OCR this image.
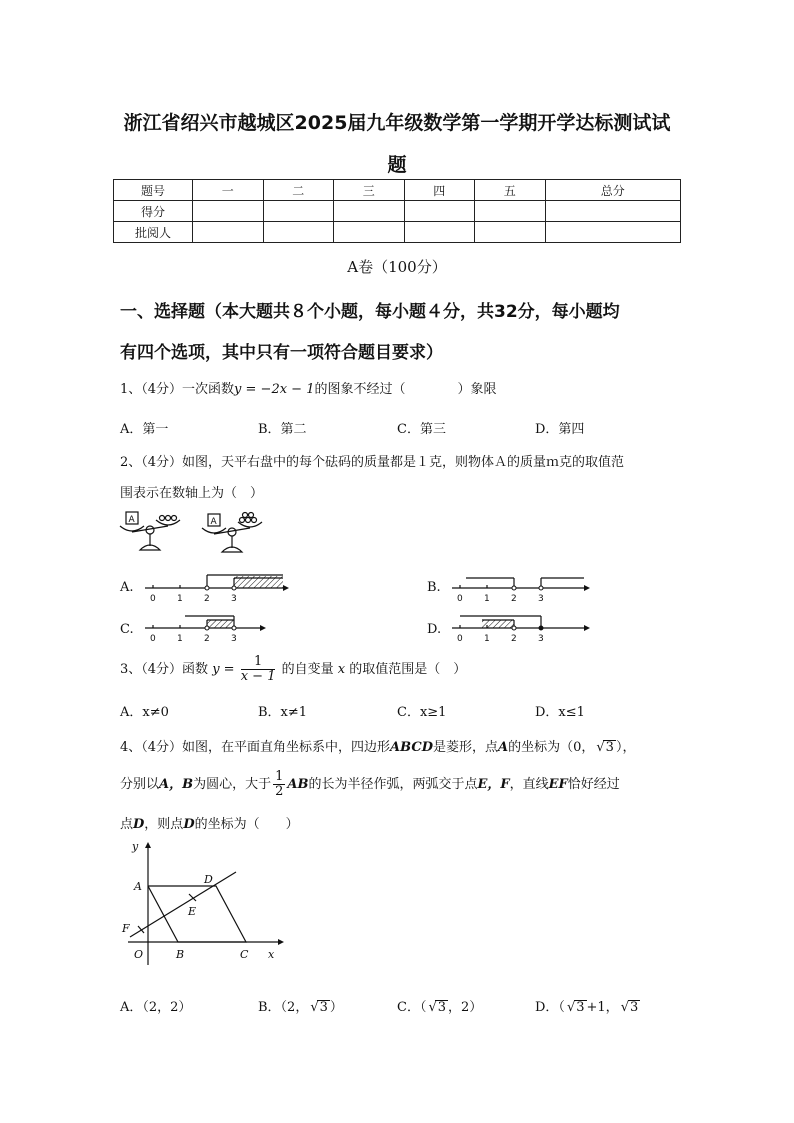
浙江省绍兴市越城区2025届九年级数学第一学期开学达标测试试
题
题号	一	二	三	四	五	总分
得分						
批阅人						
A卷（100分）
一、选择题（本大题共８个小题，每小题４分，共32分，每小题均
有四个选项，其中只有一项符合题目要求）
1、（4分）一次函数y = −2x − 1的图象不经过（　　　　）象限
A．第一	B．第二	C．第三	D．第四
2、（4分）如图，天平右盘中的每个砝码的质量都是１克，则物体Ａ的质量ｍ克的取值范
围表示在数轴上为（　）
A	A
A.
0 1 2 3
B.
0 1 2 3
C.
0 1 2 3
D.
0 1 2 3
3、（4分）函数 $y = \frac{1}{x - 1}$ 的自变量 x 的取值范围是（　）
A．x≠0	B．x≠1	C．x≥1	D．x≤1
4、（4分）如图，在平面直角坐标系中，四边形ABCD是菱形，点A的坐标为（0， √ 3 ），
分别以A，B为圆心，大于 $\frac{1}{2}$ AB的长为半径作弧，两弧交于点E，F，直线EF恰好经过
点D，则点D的坐标为（　　）
y
x
A
D
E
F
O	B	C
A．（2，2）	B．（2， √ 3 ）	C．（ √ 3 ，2）	D．（ √ 3 +1， √ 3
